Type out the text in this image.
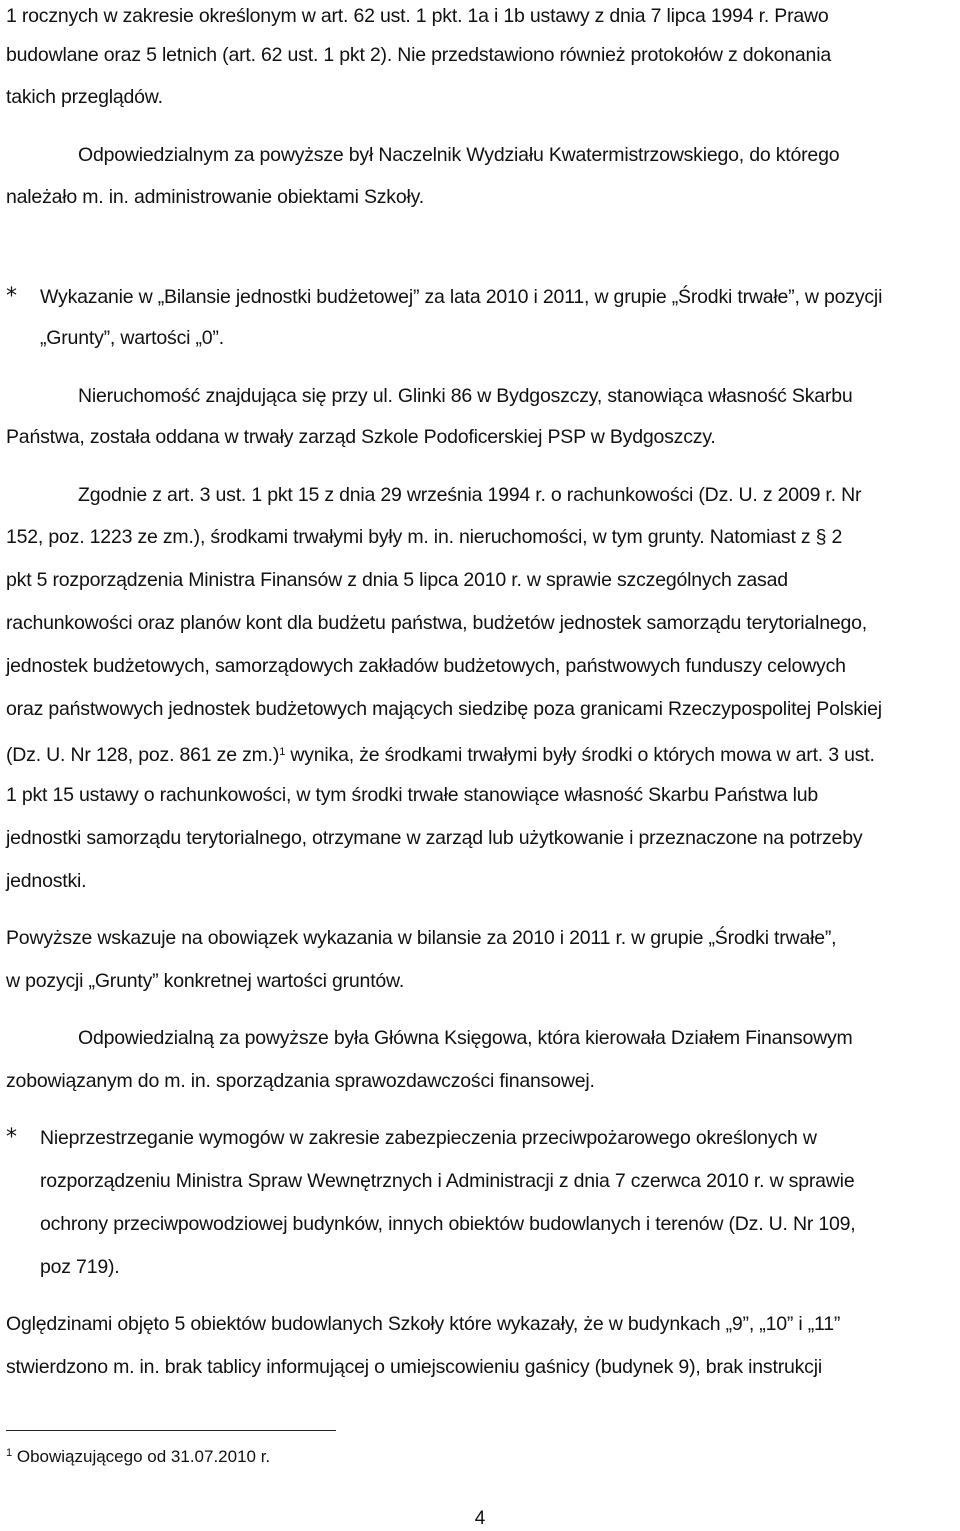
1 rocznych w zakresie określonym w art. 62 ust. 1 pkt. 1a i 1b ustawy z dnia 7 lipca 1994 r. Prawo
budowlane oraz 5 letnich (art. 62 ust. 1 pkt 2). Nie przedstawiono również protokołów z dokonania
takich przeglądów.
Odpowiedzialnym za powyższe był Naczelnik Wydziału Kwatermistrzowskiego, do którego
należało m. in. administrowanie obiektami Szkoły.
* Wykazanie w „Bilansie jednostki budżetowej” za lata 2010 i 2011, w grupie „Środki trwałe”, w pozycji
„Grunty”, wartości „0”.
Nieruchomość znajdująca się przy ul. Glinki 86 w Bydgoszczy, stanowiąca własność Skarbu
Państwa, została oddana w trwały zarząd Szkole Podoficerskiej PSP w Bydgoszczy.
Zgodnie z art. 3 ust. 1 pkt 15 z dnia 29 września 1994 r. o rachunkowości (Dz. U. z 2009 r. Nr
152, poz. 1223 ze zm.), środkami trwałymi były m. in. nieruchomości, w tym grunty. Natomiast z § 2
pkt 5 rozporządzenia Ministra Finansów z dnia 5 lipca 2010 r. w sprawie szczególnych zasad
rachunkowości oraz planów kont dla budżetu państwa, budżetów jednostek samorządu terytorialnego,
jednostek budżetowych, samorządowych zakładów budżetowych, państwowych funduszy celowych
oraz państwowych jednostek budżetowych mających siedzibę poza granicami Rzeczypospolitej Polskiej
(Dz. U. Nr 128, poz. 861 ze zm.)$^1$ wynika, że środkami trwałymi były środki o których mowa w art. 3 ust.
1 pkt 15 ustawy o rachunkowości, w tym środki trwałe stanowiące własność Skarbu Państwa lub
jednostki samorządu terytorialnego, otrzymane w zarząd lub użytkowanie i przeznaczone na potrzeby
jednostki.
Powyższe wskazuje na obowiązek wykazania w bilansie za 2010 i 2011 r. w grupie „Środki trwałe”,
w pozycji „Grunty” konkretnej wartości gruntów.
Odpowiedzialną za powyższe była Główna Księgowa, która kierowała Działem Finansowym
zobowiązanym do m. in. sporządzania sprawozdawczości finansowej.
* Nieprzestrzeganie wymogów w zakresie zabezpieczenia przeciwpożarowego określonych w
rozporządzeniu Ministra Spraw Wewnętrznych i Administracji z dnia 7 czerwca 2010 r. w sprawie
ochrony przeciwpowodziowej budynków, innych obiektów budowlanych i terenów (Dz. U. Nr 109,
poz 719).
Oględzinami objęto 5 obiektów budowlanych Szkoły które wykazały, że w budynkach „9”, „10” i „11”
stwierdzono m. in. brak tablicy informującej o umiejscowieniu gaśnicy (budynek 9), brak instrukcji
$^1$ Obowiązującego od 31.07.2010 r.
4
